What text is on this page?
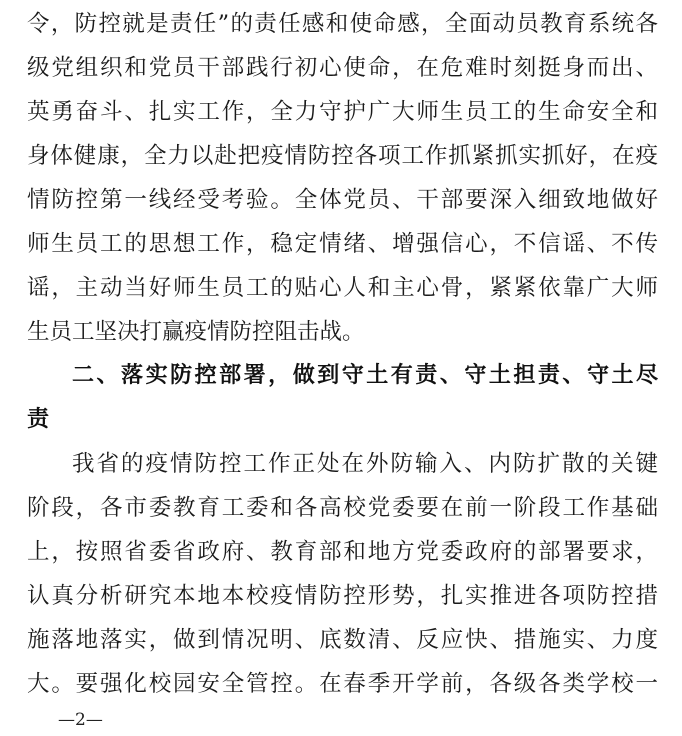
令，防控就是责任”的责任感和使命感，全面动员教育系统各
级党组织和党员干部践行初心使命，在危难时刻挺身而出、
英勇奋斗、扎实工作，全力守护广大师生员工的生命安全和
身体健康，全力以赴把疫情防控各项工作抓紧抓实抓好，在疫
情防控第一线经受考验。全体党员、干部要深入细致地做好
师生员工的思想工作，稳定情绪、增强信心，不信谣、不传
谣，主动当好师生员工的贴心人和主心骨，紧紧依靠广大师
生员工坚决打赢疫情防控阻击战。
二、落实防控部署，做到守土有责、守土担责、守土尽
责
我省的疫情防控工作正处在外防输入、内防扩散的关键
阶段，各市委教育工委和各高校党委要在前一阶段工作基础
上，按照省委省政府、教育部和地方党委政府的部署要求，
认真分析研究本地本校疫情防控形势，扎实推进各项防控措
施落地落实，做到情况明、底数清、反应快、措施实、力度
大。要强化校园安全管控。在春季开学前，各级各类学校一
—2—
